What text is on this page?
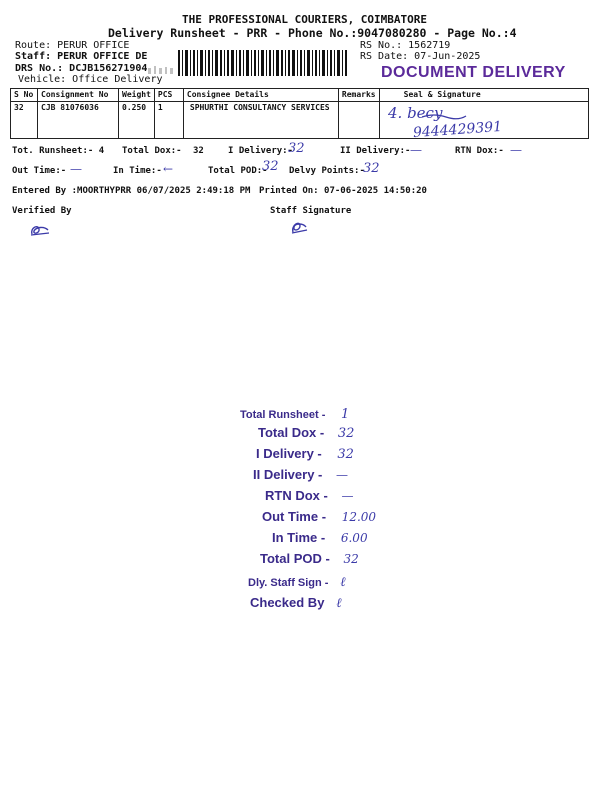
THE PROFESSIONAL COURIERS, COIMBATORE
Delivery Runsheet - PRR - Phone No.:9047080280 - Page No.:4
Route: PERUR OFFICE
Staff: PERUR OFFICE DE
DRS No.: DCJB156271904
Vehicle: Office Delivery
RS No.: 1562719
RS Date: 07-Jun-2025
DOCUMENT DELIVERY
S No	Consignment No	Weight	PCS	Consignee Details	Remarks	Seal & Signature
32	CJB 81076036	0.250	1	SPHURTHI CONSULTANCY SERVICES			4. becy
9444429391
Tot. Runsheet:- 4 Total Dox:- 32	I Delivery:-
32	II Delivery:- —	RTN Dox:- —
Out Time:- —	In Time:- ←	Total POD:-
32 Delvy Points:-
32
Entered By :MOORTHYPRR 06/07/2025 2:49:18 PM Printed On: 07-06-2025 14:50:20
Verified By	Staff Signature
Total Runsheet - 1
Total Dox - 32
I Delivery - 32
II Delivery - —
RTN Dox - —
Out Time - 12.00
In Time - 6.00
Total POD - 32
Dly. Staff Sign - ℓ
Checked By ℓ
